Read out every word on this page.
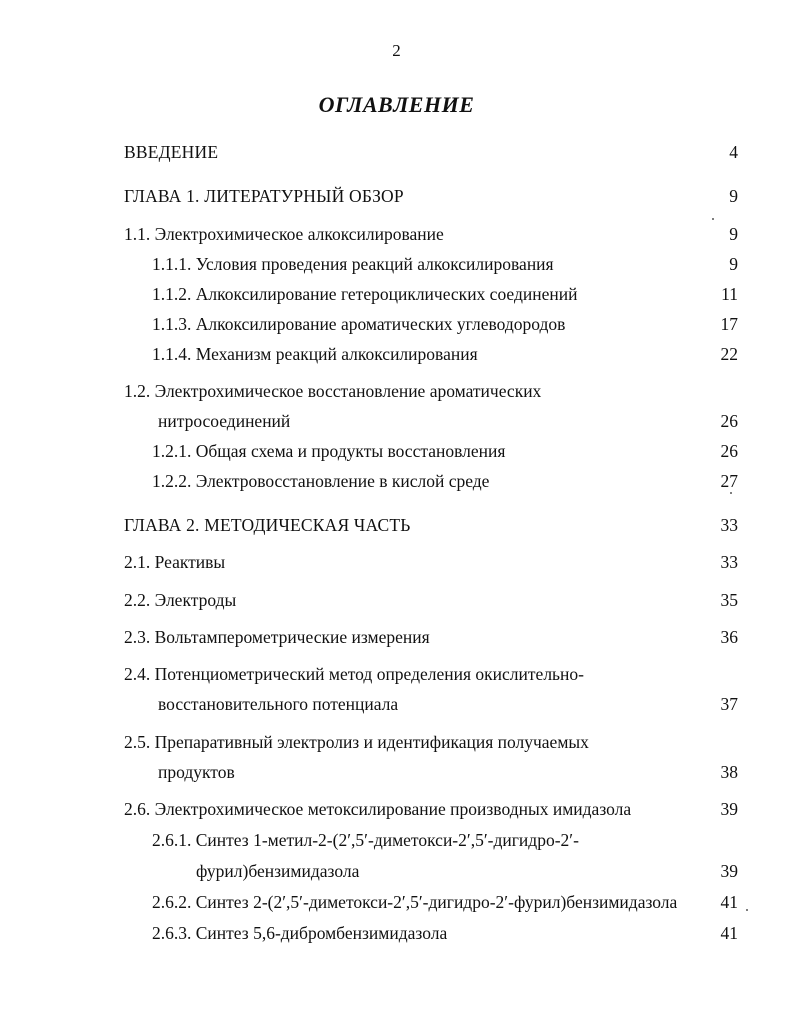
2
ОГЛАВЛЕНИЕ
ВВЕДЕНИЕ	4
ГЛАВА 1. ЛИТЕРАТУРНЫЙ ОБЗОР	9
1.1. Электрохимическое алкоксилирование	9
1.1.1. Условия проведения реакций алкоксилирования	9
1.1.2. Алкоксилирование гетероциклических соединений	11
1.1.3. Алкоксилирование ароматических углеводородов	17
1.1.4. Механизм реакций алкоксилирования	22
1.2. Электрохимическое восстановление ароматических
нитросоединений	26
1.2.1. Общая схема и продукты восстановления	26
1.2.2. Электровосстановление в кислой среде	27
ГЛАВА 2. МЕТОДИЧЕСКАЯ ЧАСТЬ	33
2.1. Реактивы	33
2.2. Электроды	35
2.3. Вольтамперометрические измерения	36
2.4. Потенциометрический метод определения окислительно-
восстановительного потенциала	37
2.5. Препаративный электролиз и идентификация получаемых
продуктов	38
2.6. Электрохимическое метоксилирование производных имидазола	39
2.6.1. Синтез 1-метил-2-(2′,5′-диметокси-2′,5′-дигидро-2′-
фурил)бензимидазола	39
2.6.2. Синтез 2-(2′,5′-диметокси-2′,5′-дигидро-2′-фурил)бензимидазола 41
2.6.3. Синтез 5,6-дибромбензимидазола	41
